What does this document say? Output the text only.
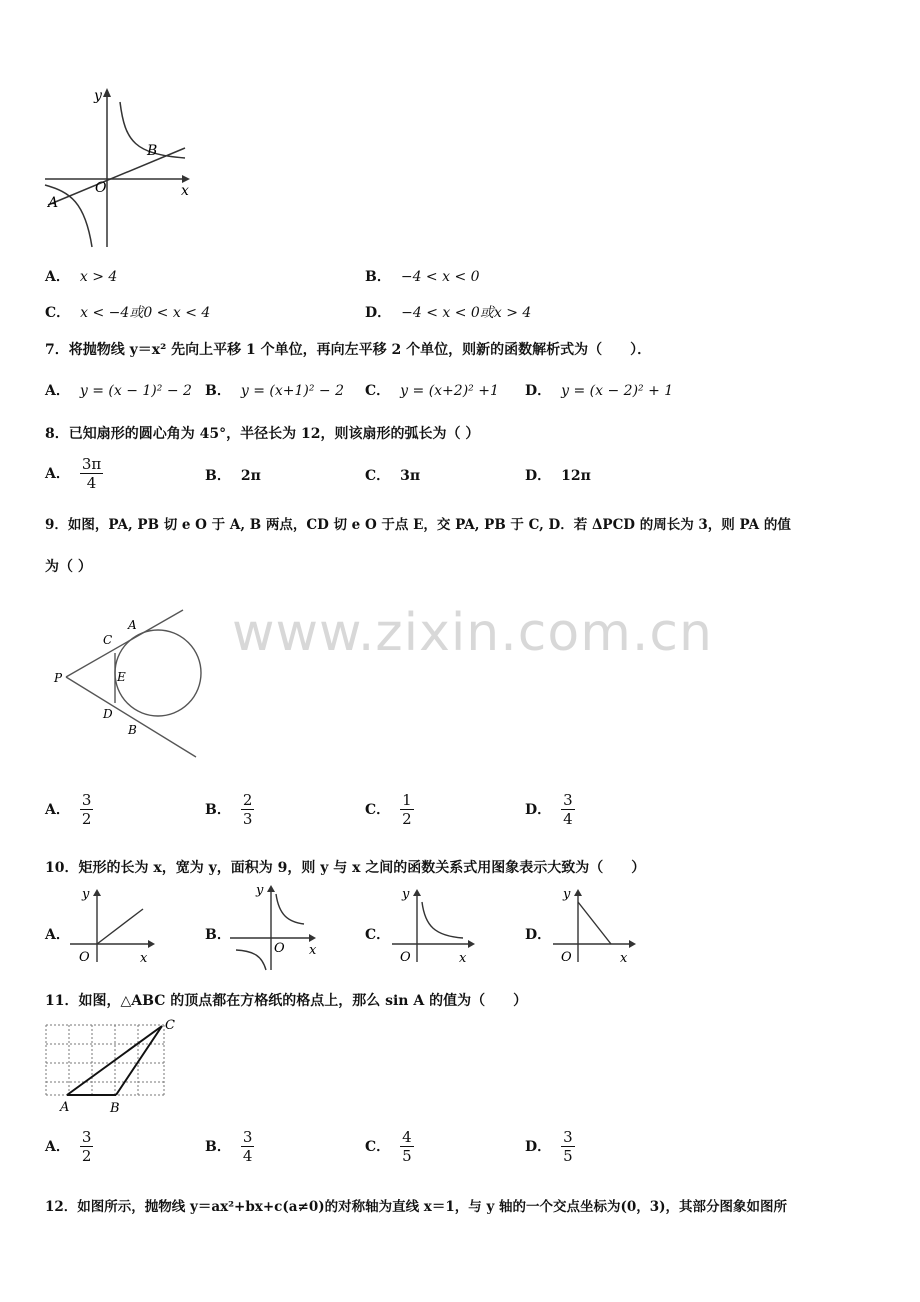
www.zixin.com.cn
y
x
O
A
B
A． x > 4	B． −4 < x < 0
C． x < −4或0 < x < 4	D． −4 < x < 0或x > 4
7．将抛物线 y＝x² 先向上平移 1 个单位，再向左平移 2 个单位，则新的函数解析式为（　　）．
A． y = (x − 1)² − 2 B． y = (x+1)² − 2 C． y = (x+2)² +1 D． y = (x − 2)² + 1
8．已知扇形的圆心角为 45°，半径长为 12，则该扇形的弧长为（ ）
A． $\frac{3\pi}{4}$	B． 2π	C． 3π	D． 12π
9．如图，PA, PB 切 e O 于 A, B 两点，CD 切 e O 于点 E，交 PA, PB 于 C, D．若 ΔPCD 的周长为 3，则 PA 的值
为（ ）
P
A
C
E
D
B
A． $\frac{3}{2}$	B． $\frac{2}{3}$	C． $\frac{1}{2}$	D． $\frac{3}{4}$
10．矩形的长为 x，宽为 y，面积为 9，则 y 与 x 之间的函数关系式用图象表示大致为（　　）
A．
y
x
O
B．
y
x
O
C．
y
x
O
D．
y
x
O
11．如图，△ABC 的顶点都在方格纸的格点上，那么 sin A 的值为（　　）
A	B
C
A． $\frac{3}{2}$	B． $\frac{3}{4}$	C． $\frac{4}{5}$	D． $\frac{3}{5}$
12．如图所示，抛物线 y＝ax²+bx+c(a≠0)的对称轴为直线 x＝1，与 y 轴的一个交点坐标为(0，3)，其部分图象如图所
